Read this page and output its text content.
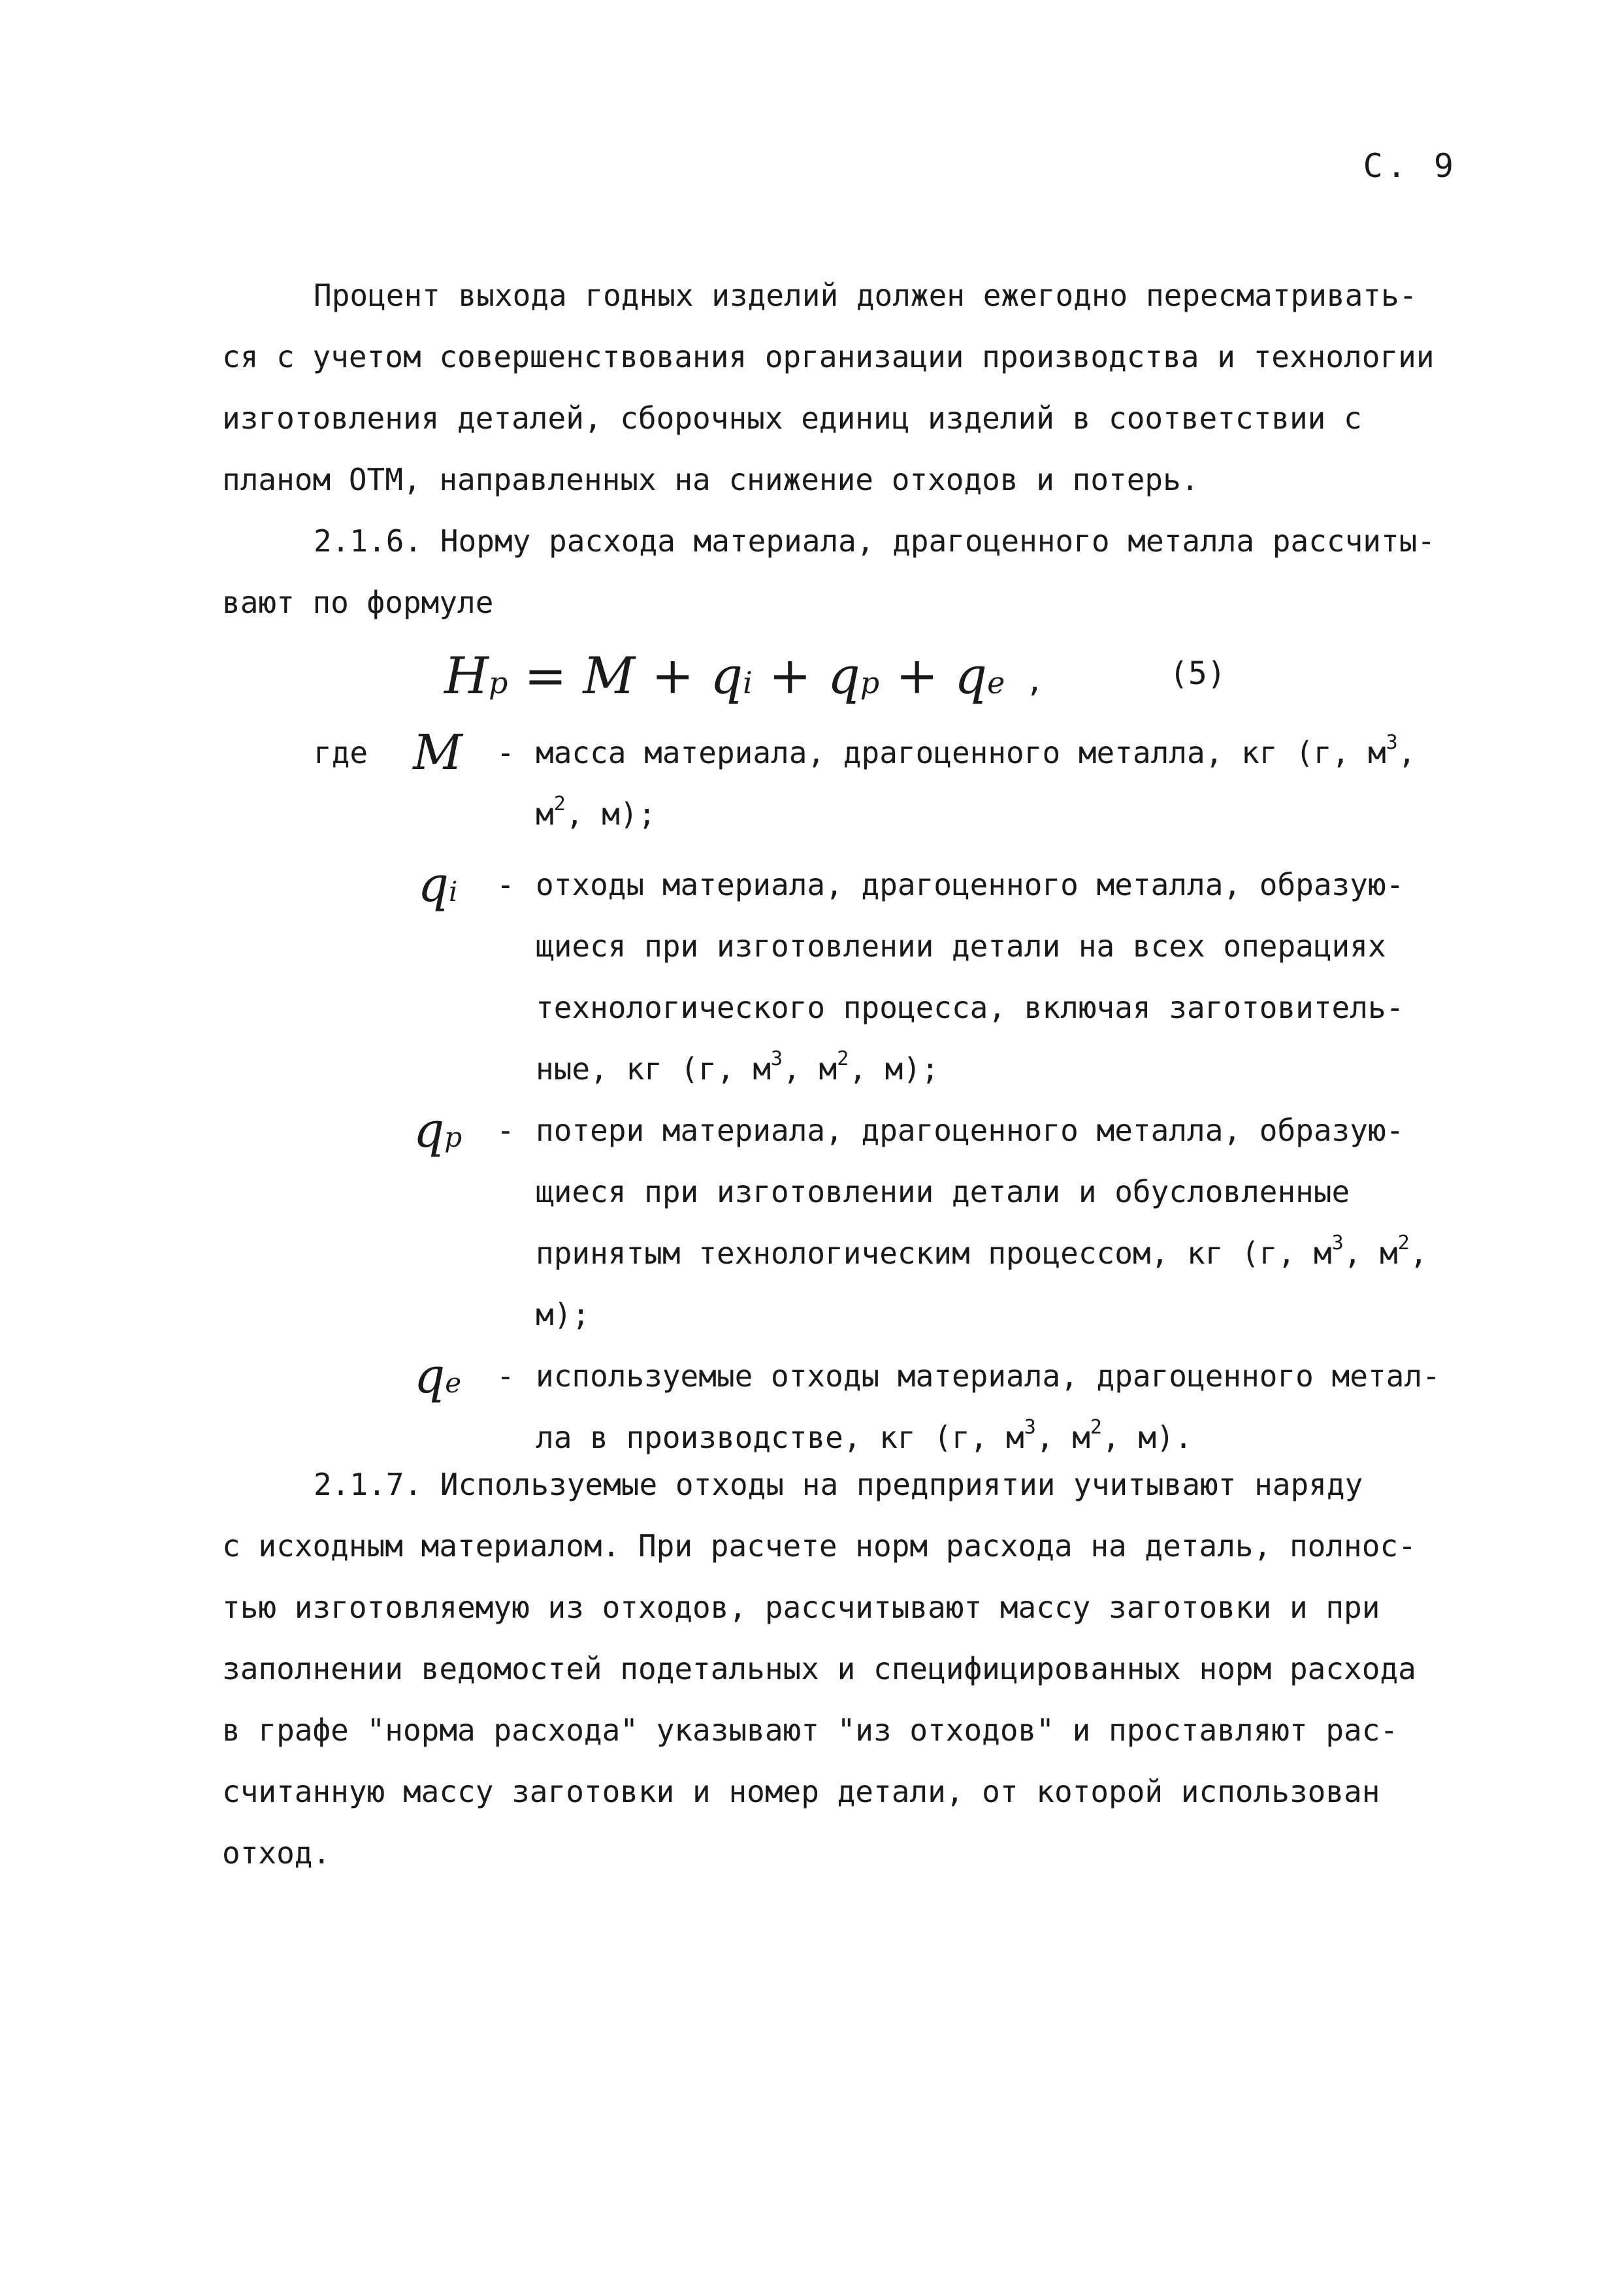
С. 9

Процент выхода годных изделий должен ежегодно пересматривать-

ся с учетом совершенствования организации производства и технологии

изготовления деталей, сборочных единиц изделий в соответствии с

планом ОТМ, направленных на снижение отходов и потерь.

2.1.6. Норму расхода материала, драгоценного металла рассчиты-

вают по формуле

Нр = М + qi + qр + qe ,	(5)
где М	- масса материала, драгоценного металла, кг (г, $м^3$,

$м^2$, м);

qi	- отходы материала, драгоценного металла, образую-

щиеся при изготовлении детали на всех операциях

технологического процесса, включая заготовитель-

ные, кг (г, $м^3$, $м^2$, м);

qр	- потери материала, драгоценного металла, образую-

щиеся при изготовлении детали и обусловленные

принятым технологическим процессом, кг (г, $м^3$, $м^2$,

м);

qe	- используемые отходы материала, драгоценного метал-

ла в производстве, кг (г, $м^3$, $м^2$, м).

2.1.7. Используемые отходы на предприятии учитывают наряду

с исходным материалом. При расчете норм расхода на деталь, полнос-

тью изготовляемую из отходов, рассчитывают массу заготовки и при

заполнении ведомостей подетальных и специфицированных норм расхода

в графе "норма расхода" указывают "из отходов" и проставляют рас-

считанную массу заготовки и номер детали, от которой использован

отход.
